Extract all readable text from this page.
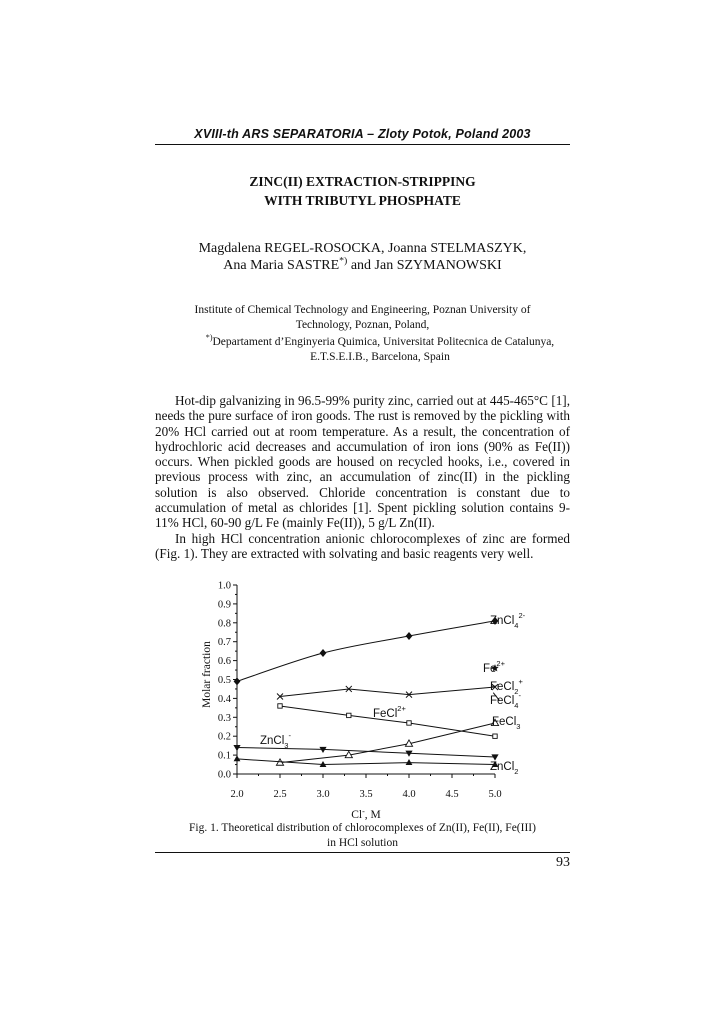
XVIII-th ARS SEPARATORIA – Zloty Potok, Poland 2003
ZINC(II) EXTRACTION-STRIPPING
WITH TRIBUTYL PHOSPHATE
Magdalena REGEL-ROSOCKA, Joanna STELMASZYK,
Ana Maria SASTRE*) and Jan SZYMANOWSKI
Institute of Chemical Technology and Engineering, Poznan University of
Technology, Poznan, Poland,
*)Departament d’Enginyeria Quimica, Universitat Politecnica de Catalunya,
E.T.S.E.I.B., Barcelona, Spain

Hot-dip galvanizing in 96.5-99% purity zinc, carried out at 445-465°C [1], needs the pure surface of iron goods. The rust is removed by the pickling with 20% HCl carried out at room temperature. As a result, the concentration of hydrochloric acid decreases and accumulation of iron ions (90% as Fe(II)) occurs. When pickled goods are housed on recycled hooks, i.e., covered in previous process with zinc, an accumulation of zinc(II) in the pickling solution is also observed. Chloride concentration is constant due to accumulation of metal as chlorides [1]. Spent pickling solution contains 9-11% HCl, 60-90 g/L Fe (mainly Fe(II)), 5 g/L Zn(II).

In high HCl concentration anionic chlorocomplexes of zinc are formed (Fig. 1). They are extracted with solvating and basic reagents very well.

0.0
0.1
0.2
0.3
0.4
0.5
0.6
0.7
0.8
0.9
1.0
2.0	2.5	3.0	3.5	4.0	4.5	5.0
Molar fraction
Cl-, M
ZnCl$_4^{2-}$
$Fe^{2+}$
FeCl$_2$+
FeCl$_4$-
FeCl$^{2+}$
FeCl$_3$
ZnCl$_3$-
ZnCl$_2$
Fig. 1. Theoretical distribution of chlorocomplexes of Zn(II), Fe(II), Fe(III)
in HCl solution
93
